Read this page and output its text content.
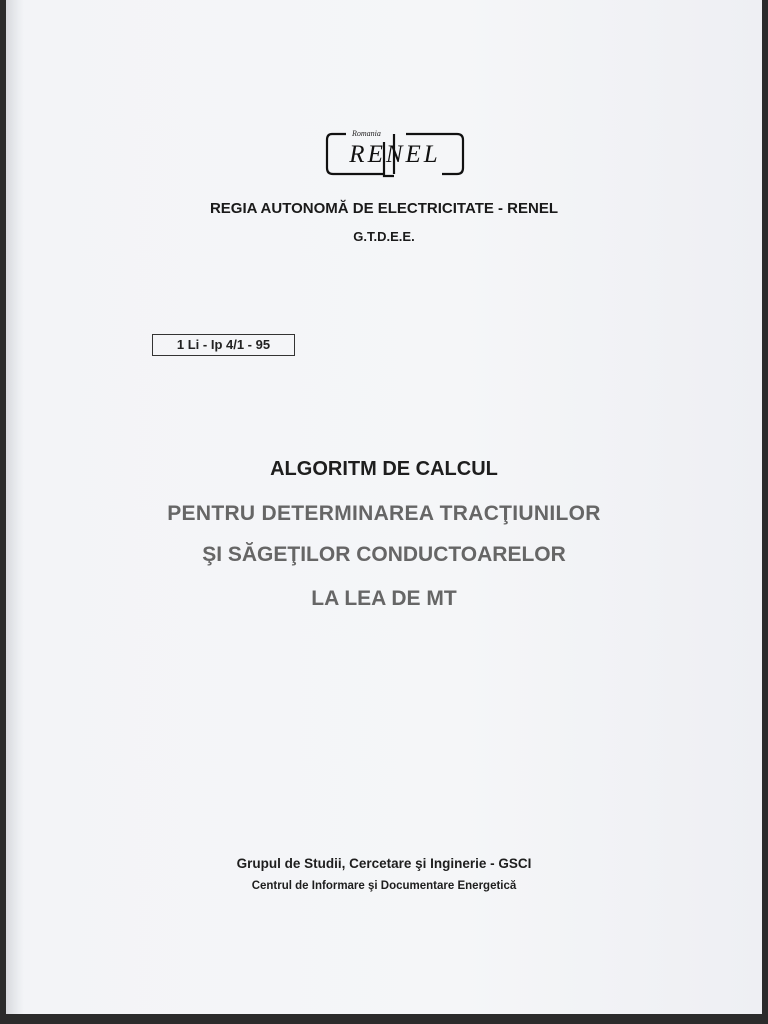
Romania
RENEL
REGIA AUTONOMĂ DE ELECTRICITATE - RENEL
G.T.D.E.E.
1 Li - Ip 4/1 - 95
ALGORITM DE CALCUL
PENTRU DETERMINAREA TRACŢIUNILOR
ŞI SĂGEŢILOR CONDUCTOARELOR
LA LEA DE MT
Grupul de Studii, Cercetare şi Inginerie - GSCI
Centrul de Informare şi Documentare Energetică
